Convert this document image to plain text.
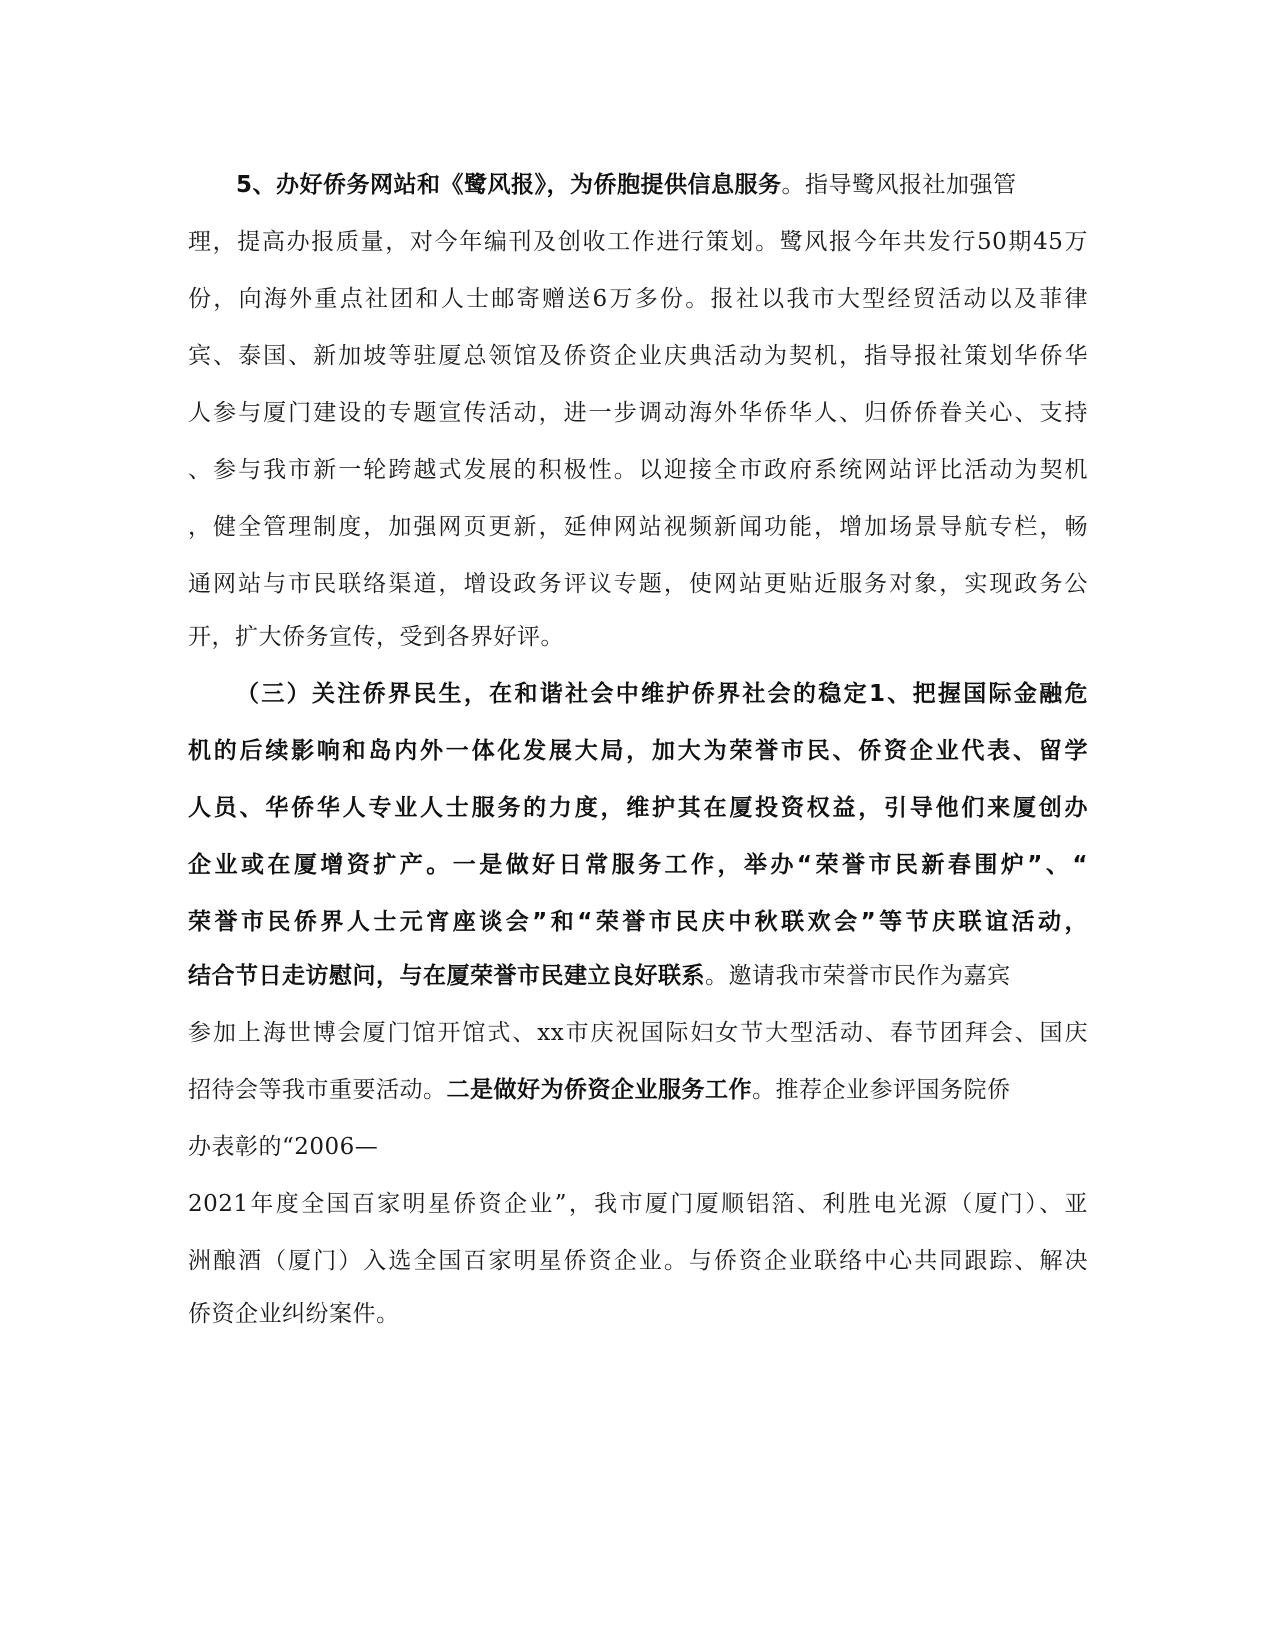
5、办好侨务网站和《鹭风报》，为侨胞提供信息服务。指导鹭风报社加强管
理，提高办报质量，对今年编刊及创收工作进行策划。鹭风报今年共发行50期45万
份，向海外重点社团和人士邮寄赠送6万多份。报社以我市大型经贸活动以及菲律
宾、泰国、新加坡等驻厦总领馆及侨资企业庆典活动为契机，指导报社策划华侨华
人参与厦门建设的专题宣传活动，进一步调动海外华侨华人、归侨侨眷关心、支持
、参与我市新一轮跨越式发展的积极性。以迎接全市政府系统网站评比活动为契机
，健全管理制度，加强网页更新，延伸网站视频新闻功能，增加场景导航专栏，畅
通网站与市民联络渠道，增设政务评议专题，使网站更贴近服务对象，实现政务公
开，扩大侨务宣传，受到各界好评。
（三）关注侨界民生，在和谐社会中维护侨界社会的稳定1、把握国际金融危
机的后续影响和岛内外一体化发展大局，加大为荣誉市民、侨资企业代表、留学
人员、华侨华人专业人士服务的力度，维护其在厦投资权益，引导他们来厦创办
企业或在厦增资扩产。一是做好日常服务工作，举办“荣誉市民新春围炉”、“
荣誉市民侨界人士元宵座谈会”和“荣誉市民庆中秋联欢会”等节庆联谊活动，
结合节日走访慰问，与在厦荣誉市民建立良好联系。邀请我市荣誉市民作为嘉宾
参加上海世博会厦门馆开馆式、xx市庆祝国际妇女节大型活动、春节团拜会、国庆
招待会等我市重要活动。二是做好为侨资企业服务工作。推荐企业参评国务院侨
办表彰的“2006—
2021年度全国百家明星侨资企业”，我市厦门厦顺铝箔、利胜电光源（厦门）、亚
洲酿酒（厦门）入选全国百家明星侨资企业。与侨资企业联络中心共同跟踪、解决
侨资企业纠纷案件。
